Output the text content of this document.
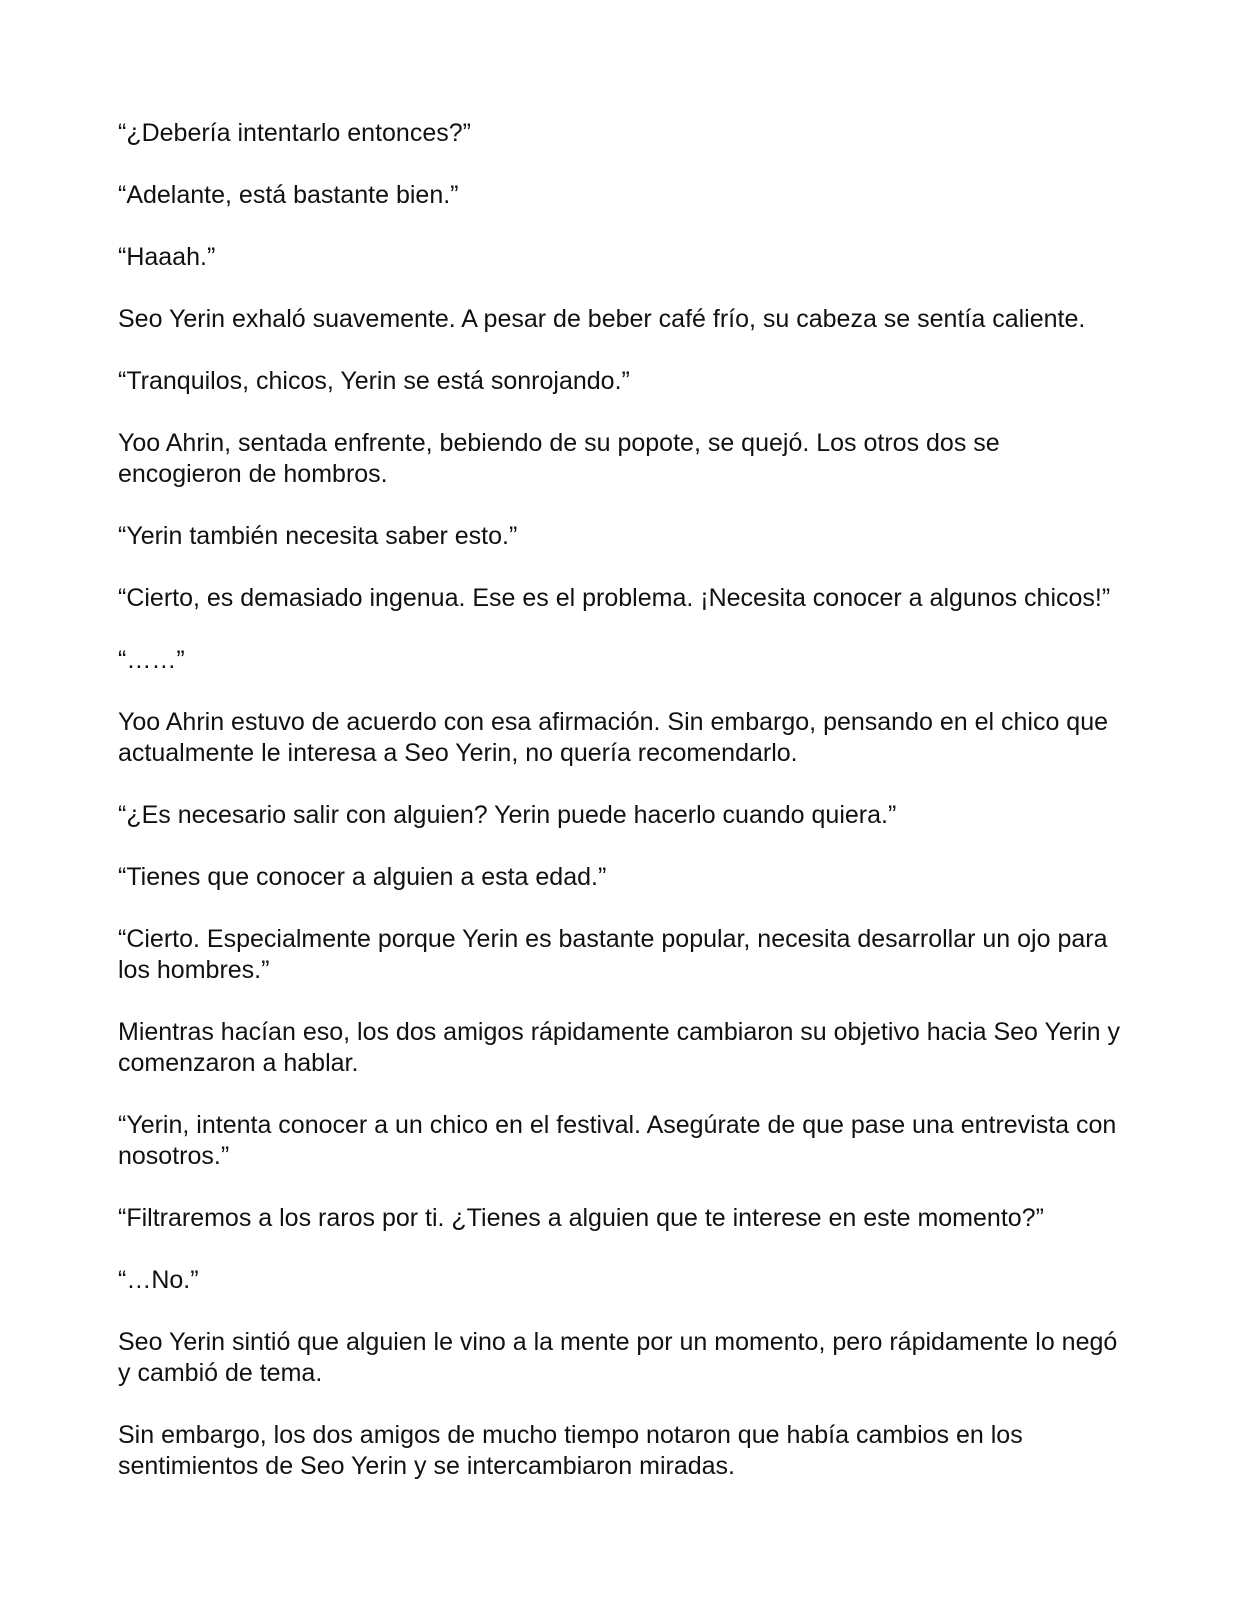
“¿Debería intentarlo entonces?”

“Adelante, está bastante bien.”

“Haaah.”

Seo Yerin exhaló suavemente. A pesar de beber café frío, su cabeza se sentía caliente.

“Tranquilos, chicos, Yerin se está sonrojando.”

Yoo Ahrin, sentada enfrente, bebiendo de su popote, se quejó. Los otros dos se encogieron de hombros.

“Yerin también necesita saber esto.”

“Cierto, es demasiado ingenua. Ese es el problema. ¡Necesita conocer a algunos chicos!”

“……”

Yoo Ahrin estuvo de acuerdo con esa afirmación. Sin embargo, pensando en el chico que actualmente le interesa a Seo Yerin, no quería recomendarlo.

“¿Es necesario salir con alguien? Yerin puede hacerlo cuando quiera.”

“Tienes que conocer a alguien a esta edad.”

“Cierto. Especialmente porque Yerin es bastante popular, necesita desarrollar un ojo para los hombres.”

Mientras hacían eso, los dos amigos rápidamente cambiaron su objetivo hacia Seo Yerin y comenzaron a hablar.

“Yerin, intenta conocer a un chico en el festival. Asegúrate de que pase una entrevista con nosotros.”

“Filtraremos a los raros por ti. ¿Tienes a alguien que te interese en este momento?”

“…No.”

Seo Yerin sintió que alguien le vino a la mente por un momento, pero rápidamente lo negó y cambió de tema.

Sin embargo, los dos amigos de mucho tiempo notaron que había cambios en los sentimientos de Seo Yerin y se intercambiaron miradas.
